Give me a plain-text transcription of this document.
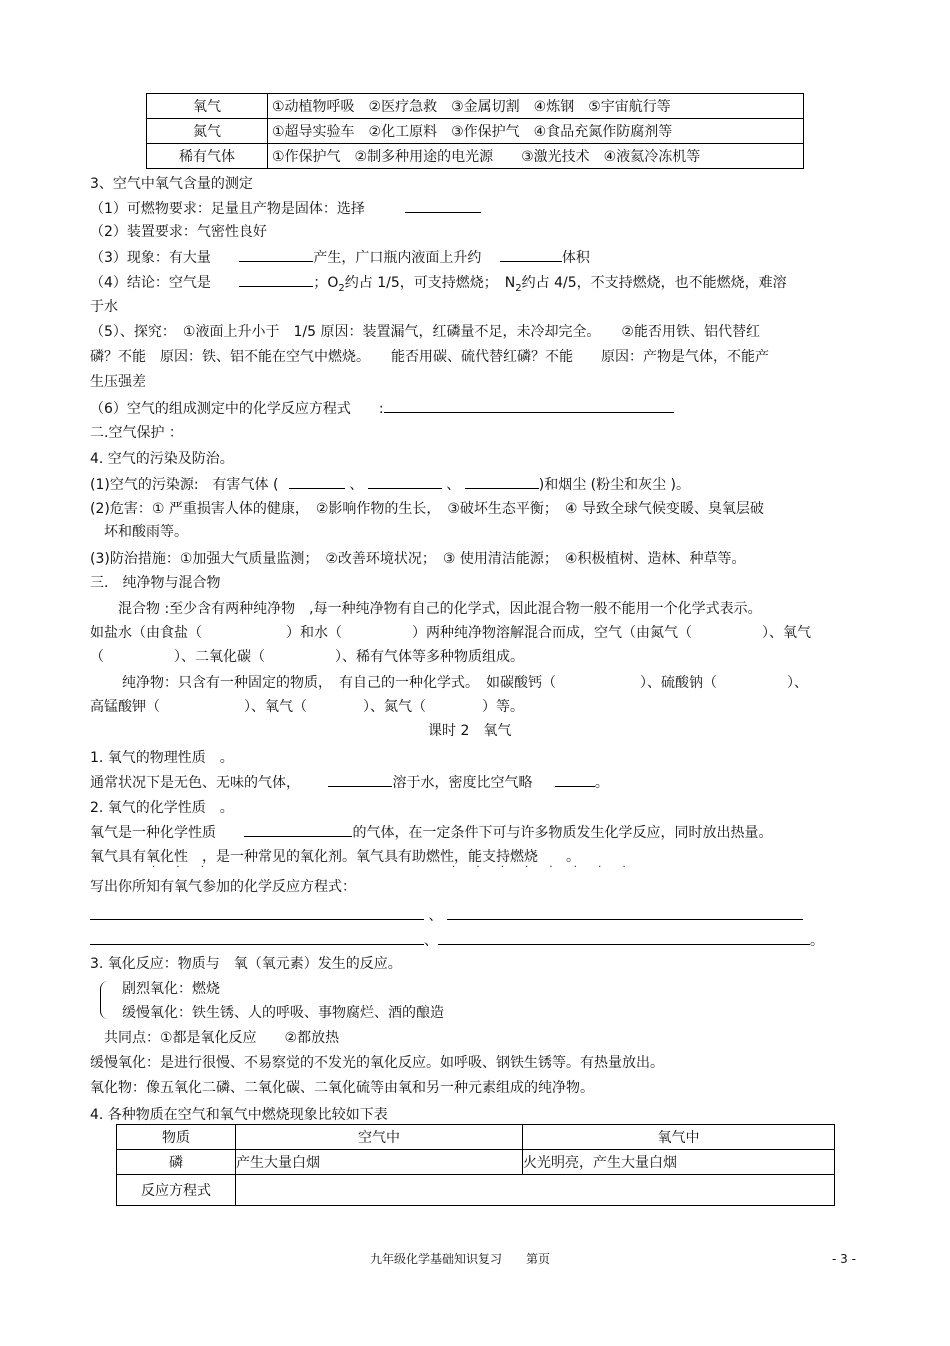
氧气	①动植物呼吸　②医疗急救　③金属切割　④炼钢　⑤宇宙航行等
氮气	①超导实验车　②化工原料　③作保护气　④食品充氮作防腐剂等
稀有气体	①作保护气　②制多种用途的电光源　　③激光技术　④液氦冷冻机等
3、空气中氧气含量的测定
（1）可燃物要求：足量且产物是固体：选择
（2）装置要求：气密性良好
（3）现象：有大量	产生，广口瓶内液面上升约	体积
（4）结论：空气是	；$O_2$约占 1/5，可支持燃烧；　$N_2$约占 4/5，不支持燃烧，也不能燃烧，难溶
于水
（5）、探究：　①液面上升小于　1/5 原因：装置漏气，红磷量不足，未冷却完全。　　②能否用铁、铝代替红
磷？不能　原因：铁、铝不能在空气中燃烧。　　能否用碳、硫代替红磷？不能　　原因：产物是气体，不能产
生压强差
（6）空气的组成测定中的化学反应方程式　　:
二.空气保护 ：
4. 空气的污染及防治。
(1)空气的污染源:　有害气体 (	、	、	)和烟尘 (粉尘和灰尘 )。
(2)危害：① 严重损害人体的健康，　②影响作物的生长，　③破坏生态平衡；　④ 导致全球气候变暖、臭氧层破
坏和酸雨等。
(3)防治措施：①加强大气质量监测；　②改善环境状况；　③ 使用清洁能源；　④积极植树、造林、种草等。
三.　纯净物与混合物
混合物 :至少含有两种纯净物　,每一种纯净物有自己的化学式，因此混合物一般不能用一个化学式表示。
如盐水（由食盐（　　　　　　）和水（　　　　　）两种纯净物溶解混合而成，空气（由氮气（　　　　　）、氧气
（　　　　　）、二氧化碳（　　　　　）、稀有气体等多种物质组成。
纯净物：只含有一种固定的物质，　有自己的一种化学式。　如碳酸钙（　　　　　　）、硫酸钠（　　　　　）、
高锰酸钾（　　　　　　）、氧气（　　　　）、氮气（　　　　）等。
课时 2　氧气
1. 氧气的物理性质　。
通常状况下是无色、无味的气体，	溶于水，密度比空气略	。
2. 氧气的化学性质　。
氧气是一种化学性质	的气体，在一定条件下可与许多物质发生化学反应，同时放出热量。
氧气具有氧化性　，是一种常见的氧化剂。氧气具有助燃性，能支持燃烧　　。
· · ·	· · · · · · · ·
写出你所知有氧气参加的化学反应方程式：
、
、	。
3. 氧化反应：物质与　氧（氧元素）发生的反应。
剧烈氧化：燃烧
缓慢氧化：铁生锈、人的呼吸、事物腐烂、酒的酿造
共同点：①都是氧化反应　　②都放热
缓慢氧化：是进行很慢、不易察觉的不发光的氧化反应。如呼吸、钢铁生锈等。有热量放出。
氧化物：像五氧化二磷、二氧化碳、二氧化硫等由氧和另一种元素组成的纯净物。
4. 各种物质在空气和氧气中燃烧现象比较如下表
物质	空气中	氧气中
磷	产生大量白烟	火光明亮，产生大量白烟
反应方程式		
九年级化学基础知识复习　　第页	- 3 -
